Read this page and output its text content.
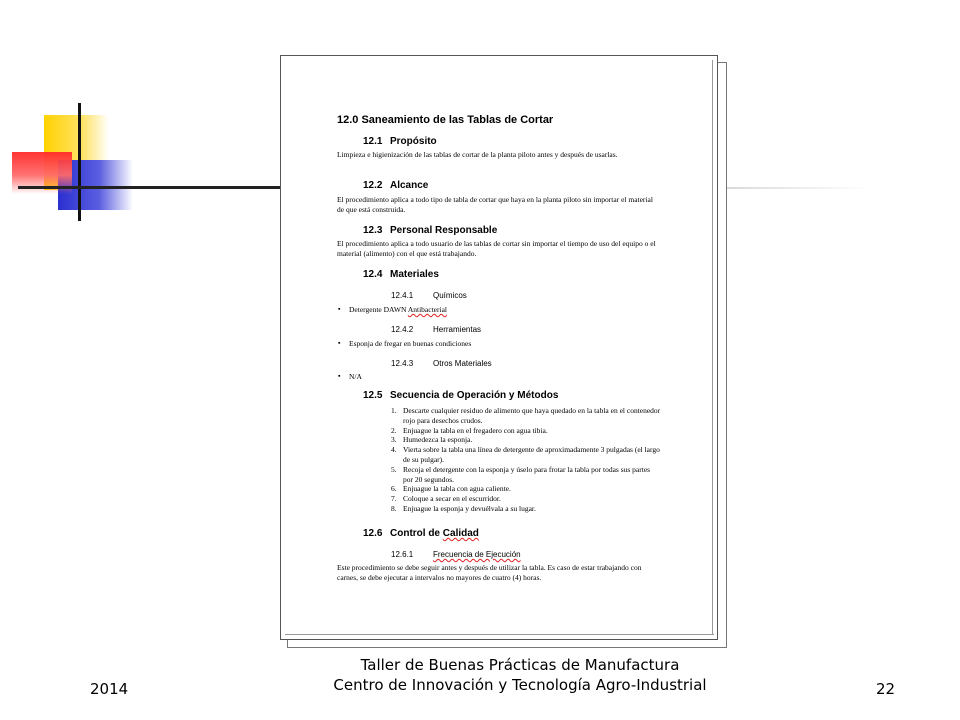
12.0 Saneamiento de las Tablas de Cortar
12.1 Propósito
Limpieza e higienización de las tablas de cortar de la planta piloto antes y después de usarlas.
12.2 Alcance
El procedimiento aplica a todo tipo de tabla de cortar que haya en la planta piloto sin importar el material de que está construida.
12.3 Personal Responsable
El procedimiento aplica a todo usuario de las tablas de cortar sin importar el tiempo de uso del equipo o el material (alimento) con el que está trabajando.
12.4 Materiales
12.4.1 Químicos
▪ Detergente DAWN Antibacterial
12.4.2 Herramientas
▪ Esponja de fregar en buenas condiciones
12.4.3 Otros Materiales
▪ N/A
12.5 Secuencia de Operación y Métodos
1. Descarte cualquier residuo de alimento que haya quedado en la tabla en el contenedor rojo para desechos crudos.
2. Enjuague la tabla en el fregadero con agua tibia.
3. Humedezca la esponja.
4. Vierta sobre la tabla una línea de detergente de aproximadamente 3 pulgadas (el largo de su pulgar).
5. Recoja el detergente con la esponja y úselo para frotar la tabla por todas sus partes por 20 segundos.
6. Enjuague la tabla con agua caliente.
7. Coloque a secar en el escurridor.
8. Enjuague la esponja y devuélvala a su lugar.
12.6 Control de Calidad
12.6.1 Frecuencia de Ejecución
Este procedimiento se debe seguir antes y después de utilizar la tabla. Es caso de estar trabajando con carnes, se debe ejecutar a intervalos no mayores de cuatro (4) horas.
2014
Taller de Buenas Prácticas de Manufactura
Centro de Innovación y Tecnología Agro-Industrial	22
